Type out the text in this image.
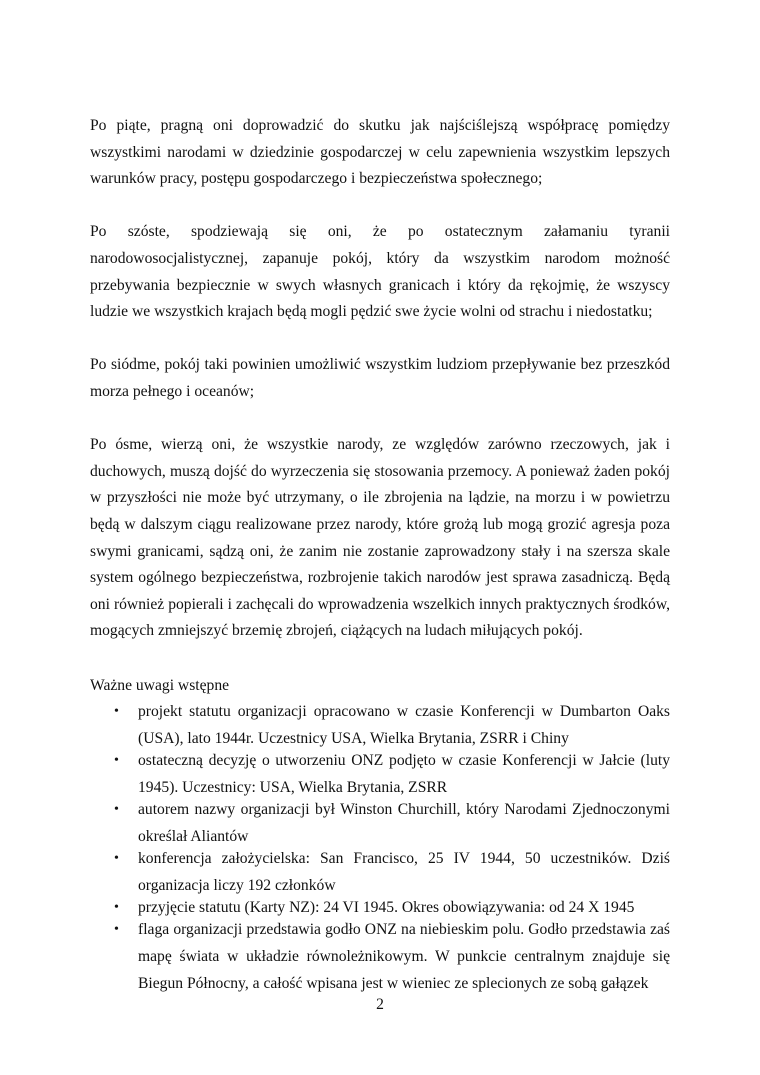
Po piąte, pragną oni doprowadzić do skutku jak najściślejszą współpracę pomiędzy wszystkimi narodami w dziedzinie gospodarczej w celu zapewnienia wszystkim lepszych warunków pracy, postępu gospodarczego i bezpieczeństwa społecznego;

Po szóste, spodziewają się oni, że po ostatecznym załamaniu tyranii narodowosocjalistycznej, zapanuje pokój, który da wszystkim narodom możność przebywania bezpiecznie w swych własnych granicach i który da rękojmię, że wszyscy ludzie we wszystkich krajach będą mogli pędzić swe życie wolni od strachu i niedostatku;

Po siódme, pokój taki powinien umożliwić wszystkim ludziom przepływanie bez przeszkód morza pełnego i oceanów;

Po ósme, wierzą oni, że wszystkie narody, ze względów zarówno rzeczowych, jak i duchowych, muszą dojść do wyrzeczenia się stosowania przemocy. A ponieważ żaden pokój w przyszłości nie może być utrzymany, o ile zbrojenia na lądzie, na morzu i w powietrzu będą w dalszym ciągu realizowane przez narody, które grożą lub mogą grozić agresja poza swymi granicami, sądzą oni, że zanim nie zostanie zaprowadzony stały i na szersza skale system ogólnego bezpieczeństwa, rozbrojenie takich narodów jest sprawa zasadniczą. Będą oni również popierali i zachęcali do wprowadzenia wszelkich innych praktycznych środków, mogących zmniejszyć brzemię zbrojeń, ciążących na ludach miłujących pokój.

Ważne uwagi wstępne

• projekt statutu organizacji opracowano w czasie Konferencji w Dumbarton Oaks (USA), lato 1944r. Uczestnicy USA, Wielka Brytania, ZSRR i Chiny
• ostateczną decyzję o utworzeniu ONZ podjęto w czasie Konferencji w Jałcie (luty 1945). Uczestnicy: USA, Wielka Brytania, ZSRR
• autorem nazwy organizacji był Winston Churchill, który Narodami Zjednoczonymi określał Aliantów
• konferencja założycielska: San Francisco, 25 IV 1944, 50 uczestników. Dziś organizacja liczy 192 członków
• przyjęcie statutu (Karty NZ): 24 VI 1945. Okres obowiązywania: od 24 X 1945
• flaga organizacji przedstawia godło ONZ na niebieskim polu. Godło przedstawia zaś mapę świata w układzie równoleżnikowym. W punkcie centralnym znajduje się Biegun Północny, a całość wpisana jest w wieniec ze splecionych ze sobą gałązek
2
